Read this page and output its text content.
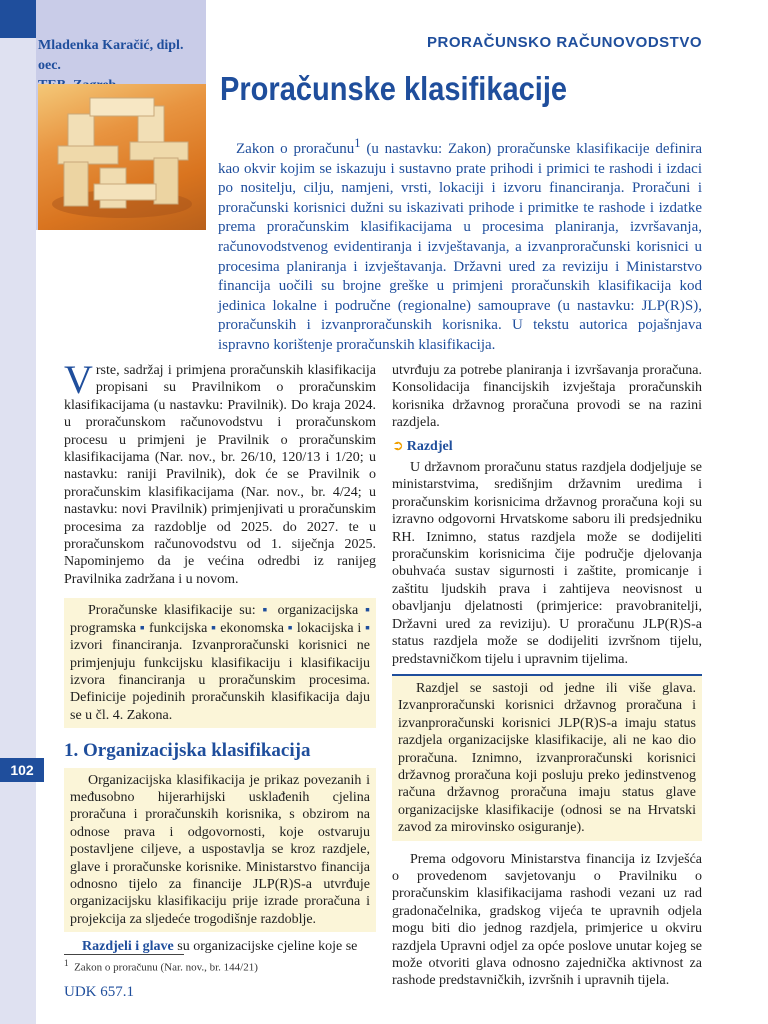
Mladenka Karačić, dipl. oec.
PRORAČUNSKO RAČUNOVODSTVO
Proračunske klasifikacije

Zakon o proračunu$^1$ (u nastavku: Zakon) proračunske klasifikacije definira kao okvir kojim se iskazuju i sustavno prate prihodi i primici te rashodi i izdaci po nositelju, cilju, namjeni, vrsti, lokaciji i izvoru financiranja. Proračuni i proračunski korisnici dužni su iskazivati prihode i primitke te rashode i izdatke prema proračunskim klasifikacijama u procesima planiranja, izvršavanja, računovodstvenog evidentiranja i izvještavanja, a izvanproračunski korisnici u procesima planiranja i izvještavanja. Državni ured za reviziju i Ministarstvo financija uočili su brojne greške u primjeni proračunskih klasifikacija kod jedinica lokalne i područne (regionalne) samouprave (u nastavku: JLP(R)S), proračunskih i izvanproračunskih korisnika. U tekstu autorica pojašnjava ispravno korištenje proračunskih klasifikacija.

Vrste, sadržaj i primjena proračunskih klasifikacija propisani su Pravilnikom o proračunskim klasifikacijama (u nastavku: Pravilnik). Do kraja 2024. u proračunskom računovodstvu i proračunskom procesu u primjeni je Pravilnik o proračunskim klasifikacijama (Nar. nov., br. 26/10, 120/13 i 1/20; u nastavku: raniji Pravilnik), dok će se Pravilnik o proračunskim klasifikacijama (Nar. nov., br. 4/24; u nastavku: novi Pravilnik) primjenjivati u proračunskim procesima za razdoblje od 2025. do 2027. te u proračunskom računovodstvu od 1. siječnja 2025. Napominjemo da je većina odredbi iz ranijeg Pravilnika zadržana i u novom.

Proračunske klasifikacije su: ▪ organizacijska ▪ programska ▪ funkcijska ▪ ekonomska ▪ lokacijska i ▪ izvori financiranja. Izvanproračunski korisnici ne primjenjuju funkcijsku klasifikaciju i klasifikaciju izvora financiranja u proračunskim procesima. Definicije pojedinih proračunskih klasifikacija daju se u čl. 4. Zakona.

1. Organizacijska klasifikacija

Organizacijska klasifikacija je prikaz povezanih i međusobno hijerarhijski usklađenih cjelina proračuna i proračunskih korisnika, s obzirom na odnose prava i odgovornosti, koje ostvaruju postavljene ciljeve, a uspostavlja se kroz razdjele, glave i proračunske korisnike. Ministarstvo financija odnosno tijelo za financije JLP(R)S-a utvrđuje organizacijsku klasifikaciju prije izrade proračuna i projekcija za sljedeće trogodišnje razdoblje.

Razdjeli i glave su organizacijske cjeline koje se

utvrđuju za potrebe planiranja i izvršavanja proračuna. Konsolidacija financijskih izvještaja proračunskih korisnika državnog proračuna provodi se na razini razdjela.

➲ Razdjel

U državnom proračunu status razdjela dodjeljuje se ministarstvima, središnjim državnim uredima i proračunskim korisnicima državnog proračuna koji su izravno odgovorni Hrvatskome saboru ili predsjedniku RH. Iznimno, status razdjela može se dodijeliti proračunskim korisnicima čije područje djelovanja obuhvaća sustav sigurnosti i zaštite, promicanje i zaštitu ljudskih prava i zahtijeva neovisnost u obavljanju djelatnosti (primjerice: pravobranitelji, Državni ured za reviziju). U proračunu JLP(R)S-a status razdjela može se dodijeliti izvršnom tijelu, predstavničkom tijelu i upravnim tijelima.

Razdjel se sastoji od jedne ili više glava. Izvanproračunski korisnici državnog proračuna i izvanproračunski korisnici JLP(R)S-a imaju status razdjela organizacijske klasifikacije, ali ne kao dio proračuna. Iznimno, izvanproračunski korisnici državnog proračuna koji posluju preko jedinstvenog računa državnog proračuna imaju status glave organizacijske klasifikacije (odnosi se na Hrvatski zavod za mirovinsko osiguranje).

Prema odgovoru Ministarstva financija iz Izvješća o provedenom savjetovanju o Pravilniku o proračunskim klasifikacijama rashodi vezani uz rad gradonačelnika, gradskog vijeća te upravnih odjela mogu biti dio jednog razdjela, primjerice u okviru razdjela Upravni odjel za opće poslove unutar kojeg se može otvoriti glava odnosno zajednička aktivnost za rashode predstavničkih, izvršnih i upravnih tijela.

$^1$ Zakon o proračunu (Nar. nov., br. 144/21)
UDK 657.1
102
